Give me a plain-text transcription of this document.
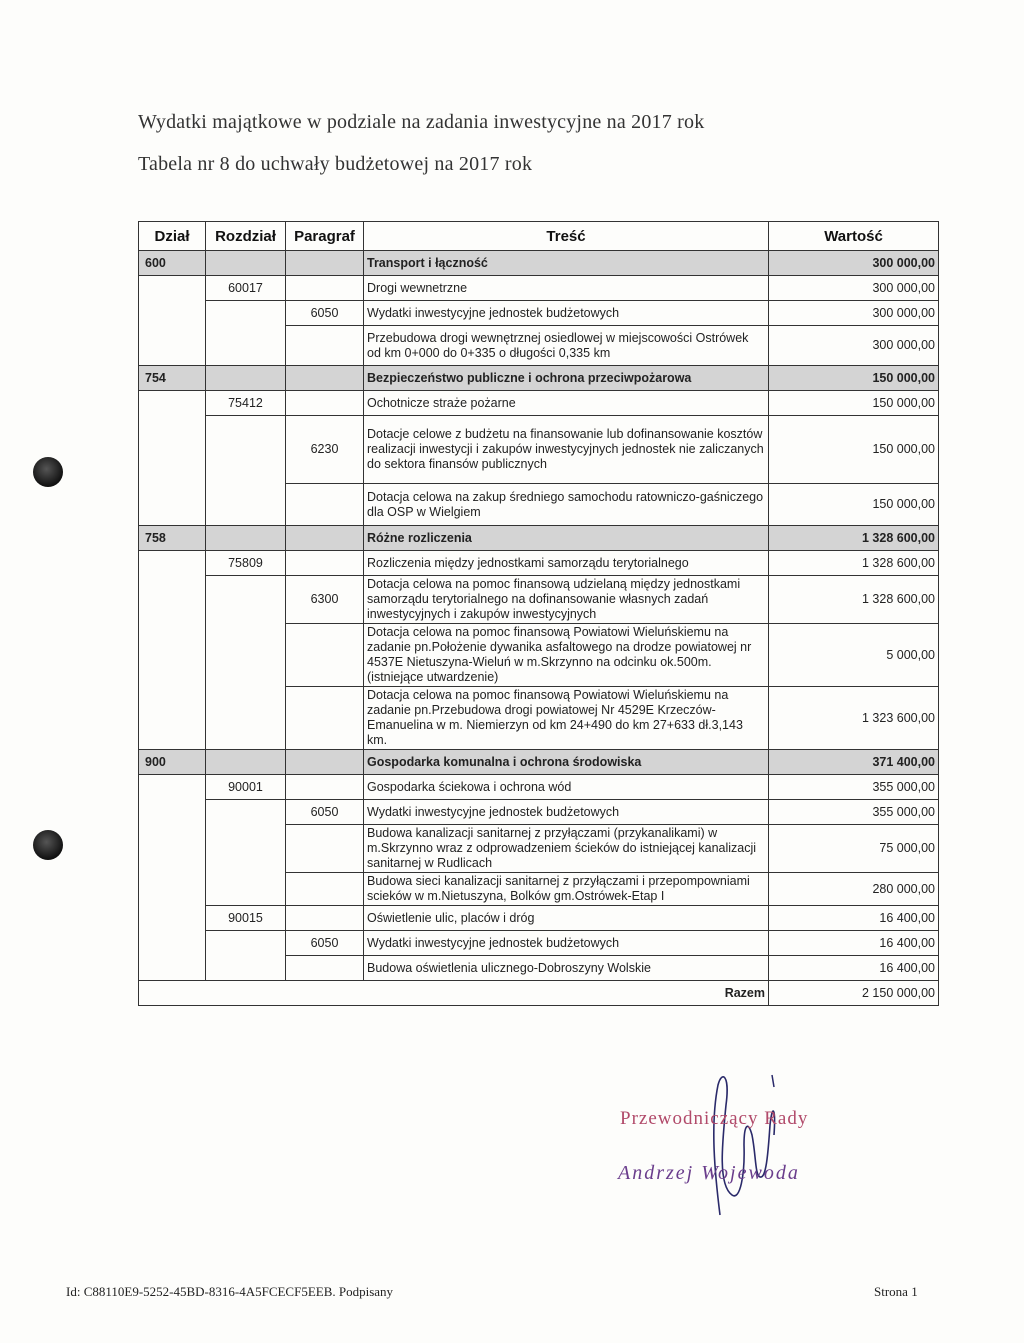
Wydatki majątkowe w podziale na zadania inwestycyjne na 2017 rok
Tabela nr 8 do uchwały budżetowej na 2017 rok
Dział	Rozdział	Paragraf	Treść	Wartość
600			Transport i łączność	300 000,00
	60017		Drogi wewnetrzne	300 000,00
		6050	Wydatki inwestycyjne jednostek budżetowych	300 000,00
			Przebudowa drogi wewnętrznej osiedlowej w miejscowości Ostrówek od km 0+000 do 0+335 o długości 0,335 km	300 000,00
754			Bezpieczeństwo publiczne i ochrona przeciwpożarowa	150 000,00
	75412		Ochotnicze straże pożarne	150 000,00
		6230	Dotacje celowe z budżetu na finansowanie lub dofinansowanie kosztów realizacji inwestycji i zakupów inwestycyjnych jednostek nie zaliczanych do sektora finansów publicznych	150 000,00
			Dotacja celowa na zakup średniego samochodu ratowniczo-gaśniczego dla OSP w Wielgiem	150 000,00
758			Różne rozliczenia	1 328 600,00
	75809		Rozliczenia między jednostkami samorządu terytorialnego	1 328 600,00
		6300	Dotacja celowa na pomoc finansową udzielaną między jednostkami samorządu terytorialnego na dofinansowanie własnych zadań inwestycyjnych i zakupów inwestycyjnych	1 328 600,00
			Dotacja celowa na pomoc finansową Powiatowi Wieluńskiemu na zadanie pn.Położenie dywanika asfaltowego na drodze powiatowej nr 4537E Nietuszyna-Wieluń w m.Skrzynno na odcinku ok.500m.(istniejące utwardzenie)	5 000,00
			Dotacja celowa na pomoc finansową Powiatowi Wieluńskiemu na zadanie pn.Przebudowa drogi powiatowej Nr 4529E Krzeczów-Emanuelina w m. Niemierzyn od km 24+490 do km 27+633 dł.3,143 km.	1 323 600,00
900			Gospodarka komunalna i ochrona środowiska	371 400,00
	90001		Gospodarka ściekowa i ochrona wód	355 000,00
		6050	Wydatki inwestycyjne jednostek budżetowych	355 000,00
			Budowa kanalizacji sanitarnej z przyłączami (przykanalikami) w m.Skrzynno wraz z odprowadzeniem ścieków do istniejącej kanalizacji sanitarnej w Rudlicach	75 000,00
			Budowa sieci kanalizacji sanitarnej z przyłączami i przepompowniami scieków w m.Nietuszyna, Bolków gm.Ostrówek-Etap I	280 000,00
	90015		Oświetlenie ulic, placów i dróg	16 400,00
		6050	Wydatki inwestycyjne jednostek budżetowych	16 400,00
			Budowa oświetlenia ulicznego-Dobroszyny Wolskie	16 400,00
Razem				2 150 000,00
Przewodniczący Rady
Andrzej Wojewoda
Id: C88110E9-5252-45BD-8316-4A5FCECF5EEB. Podpisany	Strona 1
